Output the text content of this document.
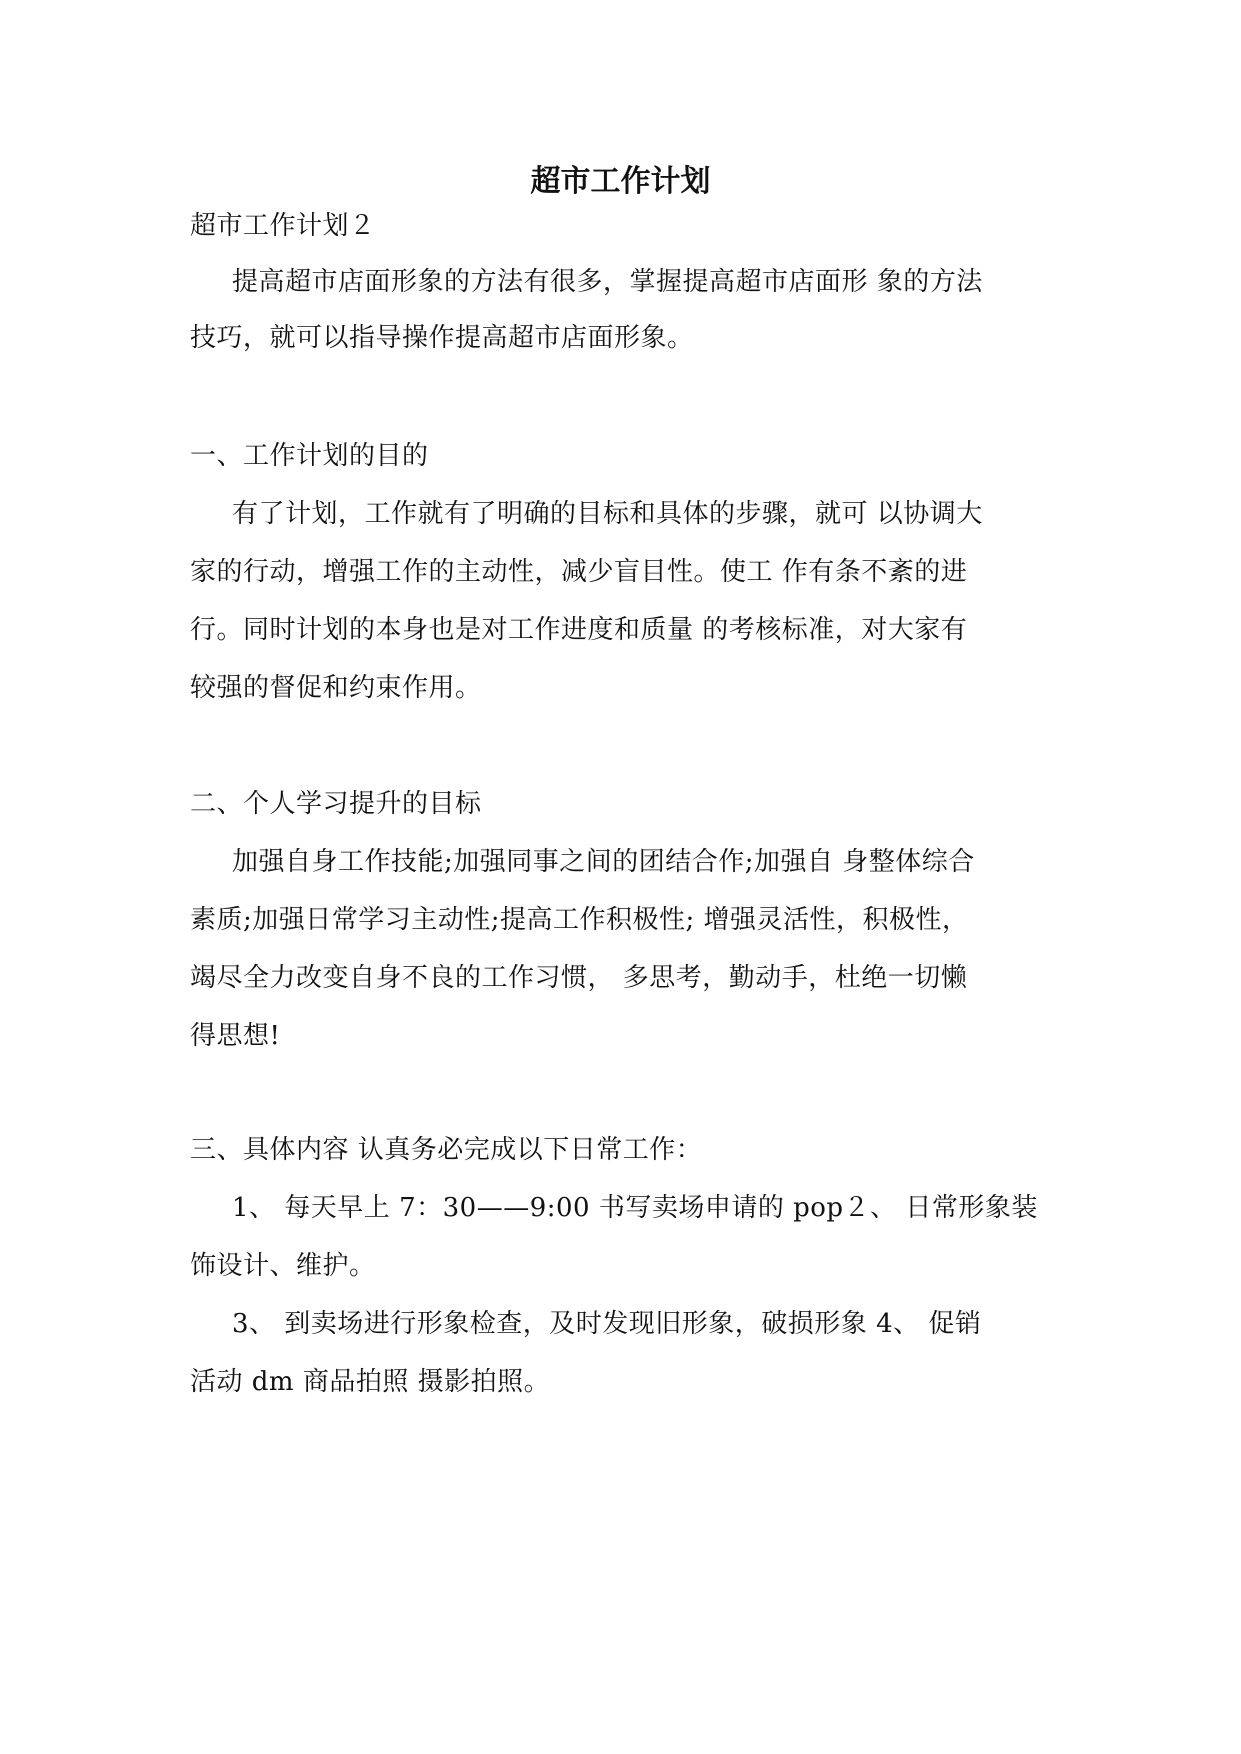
超市工作计划
超市工作计划２
提高超市店面形象的方法有很多，掌握提高超市店面形 象的方法
技巧，就可以指导操作提高超市店面形象。
一、工作计划的目的
有了计划，工作就有了明确的目标和具体的步骤，就可 以协调大
家的行动，增强工作的主动性，减少盲目性。使工 作有条不紊的进
行。同时计划的本身也是对工作进度和质量 的考核标准，对大家有
较强的督促和约束作用。
二、个人学习提升的目标
加强自身工作技能;加强同事之间的团结合作;加强自 身整体综合
素质;加强日常学习主动性;提高工作积极性; 增强灵活性，积极性，
竭尽全力改变自身不良的工作习惯， 多思考，勤动手，杜绝一切懒
得思想!
三、具体内容 认真务必完成以下日常工作：
1、 每天早上 7：30——9:00 书写卖场申请的 pop２、 日常形象装
饰设计、维护。
3、 到卖场进行形象检查，及时发现旧形象，破损形象 4、 促销
活动 dm 商品拍照 摄影拍照。
